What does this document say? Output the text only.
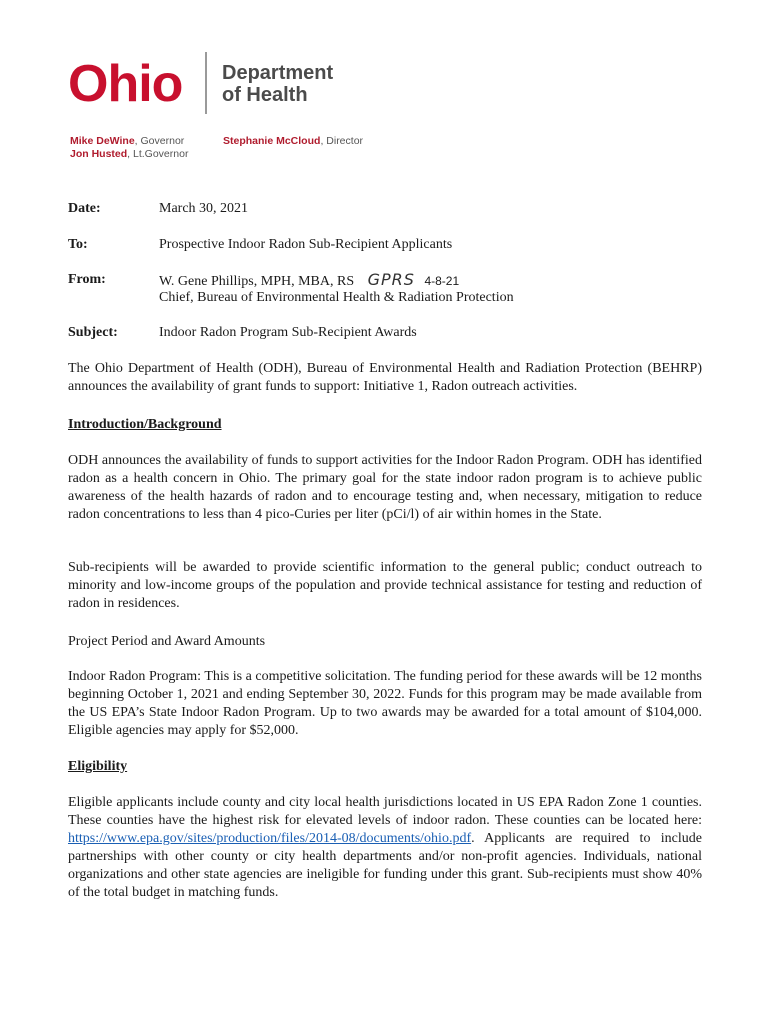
Ohio Department
of Health
Mike DeWine, Governor
Jon Husted, Lt.Governor
Stephanie McCloud, Director
Date:	March 30, 2021
To:	Prospective Indoor Radon Sub-Recipient Applicants
From:	W. Gene Phillips, MPH, MBA, RS GPRS 4-8-21
Chief, Bureau of Environmental Health & Radiation Protection
Subject:	Indoor Radon Program Sub-Recipient Awards
The Ohio Department of Health (ODH), Bureau of Environmental Health and Radiation Protection (BEHRP) announces the availability of grant funds to support: Initiative 1, Radon outreach activities.
Introduction/Background
ODH announces the availability of funds to support activities for the Indoor Radon Program. ODH has identified radon as a health concern in Ohio. The primary goal for the state indoor radon program is to achieve public awareness of the health hazards of radon and to encourage testing and, when necessary, mitigation to reduce radon concentrations to less than 4 pico-Curies per liter (pCi/l) of air within homes in the State.
Sub-recipients will be awarded to provide scientific information to the general public; conduct outreach to minority and low-income groups of the population and provide technical assistance for testing and reduction of radon in residences.
Project Period and Award Amounts
Indoor Radon Program: This is a competitive solicitation. The funding period for these awards will be 12 months beginning October 1, 2021 and ending September 30, 2022. Funds for this program may be made available from the US EPA’s State Indoor Radon Program. Up to two awards may be awarded for a total amount of $104,000. Eligible agencies may apply for $52,000.
Eligibility
Eligible applicants include county and city local health jurisdictions located in US EPA Radon Zone 1 counties. These counties have the highest risk for elevated levels of indoor radon. These counties can be located here: https://www.epa.gov/sites/production/files/2014-08/documents/ohio.pdf. Applicants are required to include partnerships with other county or city health departments and/or non-profit agencies. Individuals, national organizations and other state agencies are ineligible for funding under this grant. Sub-recipients must show 40% of the total budget in matching funds.
